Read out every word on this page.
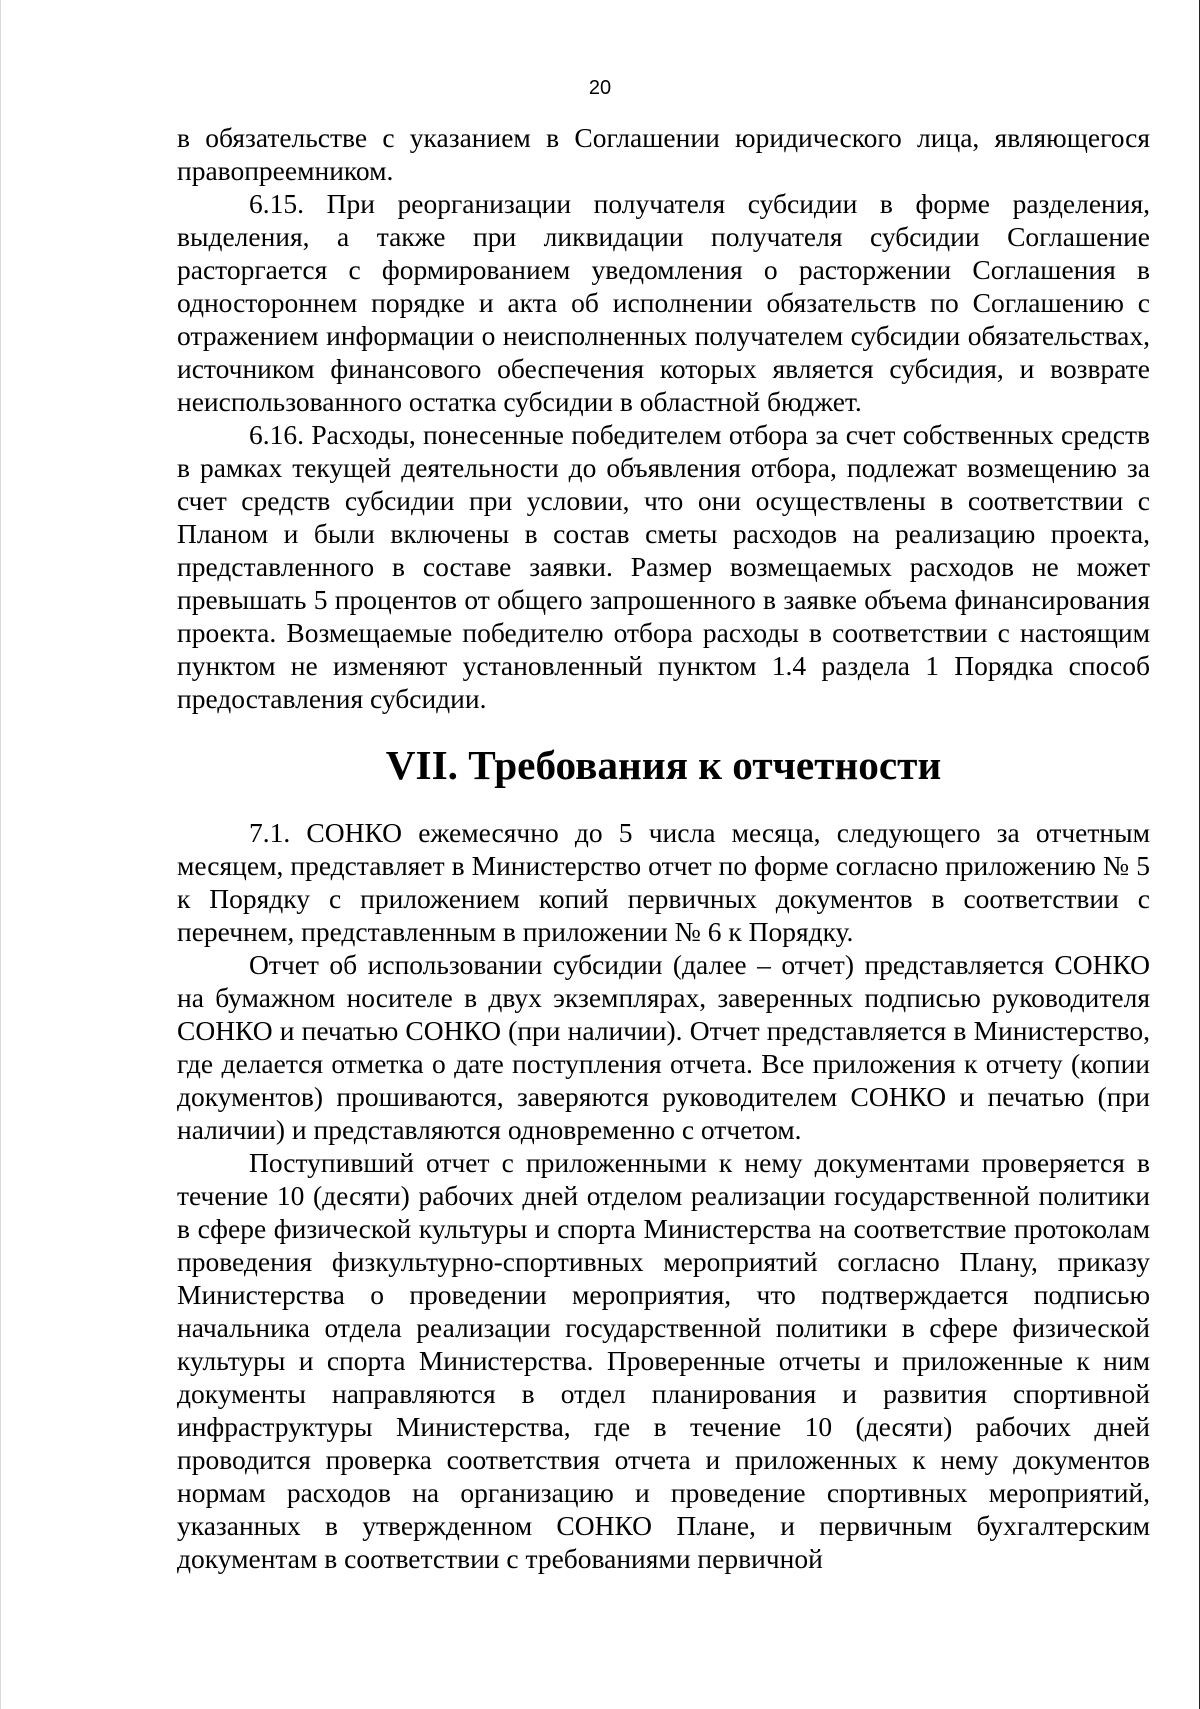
20

в обязательстве с указанием в Соглашении юридического лица, являющегося правопреемником.

6.15. При реорганизации получателя субсидии в форме разделения, выделения, а также при ликвидации получателя субсидии Соглашение расторгается с формированием уведомления о расторжении Соглашения в одностороннем порядке и акта об исполнении обязательств по Соглашению с отражением информации о неисполненных получателем субсидии обязательствах, источником финансового обеспечения которых является субсидия, и возврате неиспользованного остатка субсидии в областной бюджет.

6.16. Расходы, понесенные победителем отбора за счет собственных средств в рамках текущей деятельности до объявления отбора, подлежат возмещению за счет средств субсидии при условии, что они осуществлены в соответствии с Планом и были включены в состав сметы расходов на реализацию проекта, представленного в составе заявки. Размер возмещаемых расходов не может превышать 5 процентов от общего запрошенного в заявке объема финансирования проекта. Возмещаемые победителю отбора расходы в соответствии с настоящим пунктом не изменяют установленный пунктом 1.4 раздела 1 Порядка способ предоставления субсидии.

VII. Требования к отчетности

7.1. СОНКО ежемесячно до 5 числа месяца, следующего за отчетным месяцем, представляет в Министерство отчет по форме согласно приложению № 5 к Порядку с приложением копий первичных документов в соответствии с перечнем, представленным в приложении № 6 к Порядку.

Отчет об использовании субсидии (далее – отчет) представляется СОНКО на бумажном носителе в двух экземплярах, заверенных подписью руководителя СОНКО и печатью СОНКО (при наличии). Отчет представляется в Министерство, где делается отметка о дате поступления отчета. Все приложения к отчету (копии документов) прошиваются, заверяются руководителем СОНКО и печатью (при наличии) и представляются одновременно с отчетом.

Поступивший отчет с приложенными к нему документами проверяется в течение 10 (десяти) рабочих дней отделом реализации государственной политики в сфере физической культуры и спорта Министерства на соответствие протоколам проведения физкультурно-спортивных мероприятий согласно Плану, приказу Министерства о проведении мероприятия, что подтверждается подписью начальника отдела реализации государственной политики в сфере физической культуры и спорта Министерства. Проверенные отчеты и приложенные к ним документы направляются в отдел планирования и развития спортивной инфраструктуры Министерства, где в течение 10 (десяти) рабочих дней проводится проверка соответствия отчета и приложенных к нему документов нормам расходов на организацию и проведение спортивных мероприятий, указанных в утвержденном СОНКО Плане, и первичным бухгалтерским документам в соответствии с требованиями первичной
